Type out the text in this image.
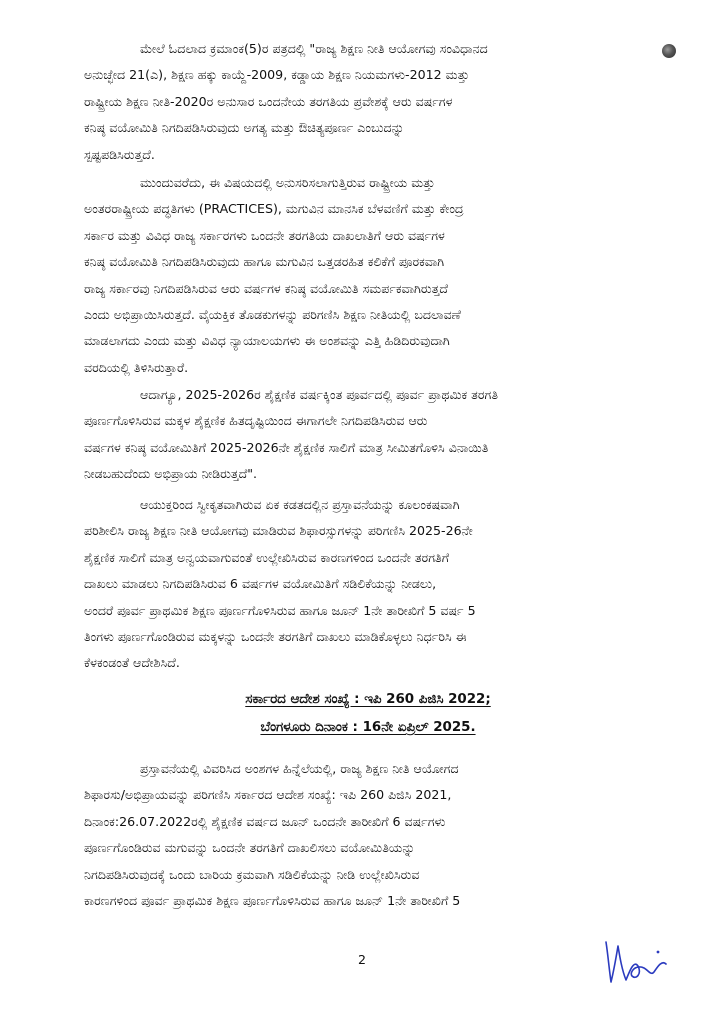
ಮೇಲೆ ಓದಲಾದ ಕ್ರಮಾಂಕ(5)ರ ಪತ್ರದಲ್ಲಿ "ರಾಜ್ಯ ಶಿಕ್ಷಣ ನೀತಿ ಆಯೋಗವು ಸಂವಿಧಾನದ
ಅನುಚ್ಛೇದ 21(ಎ), ಶಿಕ್ಷಣ ಹಕ್ಕು ಕಾಯ್ದೆ-2009, ಕಡ್ಡಾಯ ಶಿಕ್ಷಣ ನಿಯಮಗಳು-2012 ಮತ್ತು
ರಾಷ್ಟ್ರೀಯ ಶಿಕ್ಷಣ ನೀತಿ-2020ರ ಅನುಸಾರ ಒಂದನೇಯ ತರಗತಿಯ ಪ್ರವೇಶಕ್ಕೆ ಆರು ವರ್ಷಗಳ
ಕನಿಷ್ಠ ವಯೋಮಿತಿ ನಿಗದಿಪಡಿಸಿರುವುದು ಅಗತ್ಯ ಮತ್ತು ಔಚಿತ್ಯಪೂರ್ಣ ಎಂಬುದನ್ನು
ಸ್ಪಷ್ಟಪಡಿಸಿರುತ್ತದೆ.
ಮುಂದುವರೆದು, ಈ ವಿಷಯದಲ್ಲಿ ಅನುಸರಿಸಲಾಗುತ್ತಿರುವ ರಾಷ್ಟ್ರೀಯ ಮತ್ತು
ಅಂತರರಾಷ್ಟ್ರೀಯ ಪದ್ಧತಿಗಳು (PRACTICES), ಮಗುವಿನ ಮಾನಸಿಕ ಬೆಳವಣಿಗೆ ಮತ್ತು ಕೇಂದ್ರ
ಸರ್ಕಾರ ಮತ್ತು ವಿವಿಧ ರಾಜ್ಯ ಸರ್ಕಾರಗಳು ಒಂದನೇ ತರಗತಿಯ ದಾಖಲಾತಿಗೆ ಆರು ವರ್ಷಗಳ
ಕನಿಷ್ಠ ವಯೋಮಿತಿ ನಿಗದಿಪಡಿಸಿರುವುದು ಹಾಗೂ ಮಗುವಿನ ಒತ್ತಡರಹಿತ ಕಲಿಕೆಗೆ ಪೂರಕವಾಗಿ
ರಾಜ್ಯ ಸರ್ಕಾರವು ನಿಗದಿಪಡಿಸಿರುವ ಆರು ವರ್ಷಗಳ ಕನಿಷ್ಠ ವಯೋಮಿತಿ ಸಮರ್ಪಕವಾಗಿರುತ್ತದೆ
ಎಂದು ಅಭಿಪ್ರಾಯಿಸಿರುತ್ತದೆ. ವೈಯಕ್ತಿಕ ತೊಡಕುಗಳನ್ನು ಪರಿಗಣಿಸಿ ಶಿಕ್ಷಣ ನೀತಿಯಲ್ಲಿ ಬದಲಾವಣೆ
ಮಾಡಲಾಗದು ಎಂದು ಮತ್ತು ವಿವಿಧ ನ್ಯಾಯಾಲಯಗಳು ಈ ಅಂಶವನ್ನು ಎತ್ತಿ ಹಿಡಿದಿರುವುದಾಗಿ
ವರದಿಯಲ್ಲಿ ತಿಳಿಸಿರುತ್ತಾರೆ.
ಆದಾಗ್ಯೂ, 2025-2026ರ ಶೈಕ್ಷಣಿಕ ವರ್ಷಕ್ಕಿಂತ ಪೂರ್ವದಲ್ಲಿ ಪೂರ್ವ ಪ್ರಾಥಮಿಕ ತರಗತಿ
ಪೂರ್ಣಗೊಳಿಸಿರುವ ಮಕ್ಕಳ ಶೈಕ್ಷಣಿಕ ಹಿತದೃಷ್ಟಿಯಿಂದ ಈಗಾಗಲೇ ನಿಗದಿಪಡಿಸಿರುವ ಆರು
ವರ್ಷಗಳ ಕನಿಷ್ಠ ವಯೋಮಿತಿಗೆ 2025-2026ನೇ ಶೈಕ್ಷಣಿಕ ಸಾಲಿಗೆ ಮಾತ್ರ ಸೀಮಿತಗೊಳಿಸಿ ವಿನಾಯಿತಿ
ನೀಡಬಹುದೆಂದು ಅಭಿಪ್ರಾಯ ನೀಡಿರುತ್ತದೆ".
ಆಯುಕ್ತರಿಂದ ಸ್ವೀಕೃತವಾಗಿರುವ ಏಕ ಕಡತದಲ್ಲಿನ ಪ್ರಸ್ತಾವನೆಯನ್ನು ಕೂಲಂಕಷವಾಗಿ
ಪರಿಶೀಲಿಸಿ ರಾಜ್ಯ ಶಿಕ್ಷಣ ನೀತಿ ಆಯೋಗವು ಮಾಡಿರುವ ಶಿಫಾರಸ್ಸುಗಳನ್ನು ಪರಿಗಣಿಸಿ 2025-26ನೇ
ಶೈಕ್ಷಣಿಕ ಸಾಲಿಗೆ ಮಾತ್ರ ಅನ್ವಯವಾಗುವಂತೆ ಉಲ್ಲೇಖಿಸಿರುವ ಕಾರಣಗಳಿಂದ ಒಂದನೇ ತರಗತಿಗೆ
ದಾಖಲು ಮಾಡಲು ನಿಗದಿಪಡಿಸಿರುವ 6 ವರ್ಷಗಳ ವಯೋಮಿತಿಗೆ ಸಡಿಲಿಕೆಯನ್ನು ನೀಡಲು,
ಅಂದರೆ ಪೂರ್ವ ಪ್ರಾಥಮಿಕ ಶಿಕ್ಷಣ ಪೂರ್ಣಗೊಳಿಸಿರುವ ಹಾಗೂ ಜೂನ್ 1ನೇ ತಾರೀಖಿಗೆ 5 ವರ್ಷ 5
ತಿಂಗಳು ಪೂರ್ಣಗೊಂಡಿರುವ ಮಕ್ಕಳನ್ನು ಒಂದನೇ ತರಗತಿಗೆ ದಾಖಲು ಮಾಡಿಕೊಳ್ಳಲು ನಿರ್ಧರಿಸಿ ಈ
ಕೆಳಕಂಡಂತೆ ಆದೇಶಿಸಿದೆ.
ಸರ್ಕಾರದ ಆದೇಶ ಸಂಖ್ಯೆ : ಇಪಿ 260 ಪಿಜಿಸಿ 2022;
ಬೆಂಗಳೂರು ದಿನಾಂಕ : 16ನೇ ಏಪ್ರಿಲ್ 2025.
ಪ್ರಸ್ತಾವನೆಯಲ್ಲಿ ವಿವರಿಸಿದ ಅಂಶಗಳ ಹಿನ್ನೆಲೆಯಲ್ಲಿ, ರಾಜ್ಯ ಶಿಕ್ಷಣ ನೀತಿ ಆಯೋಗದ
ಶಿಫಾರಸು/ಅಭಿಪ್ರಾಯವನ್ನು ಪರಿಗಣಿಸಿ ಸರ್ಕಾರದ ಆದೇಶ ಸಂಖ್ಯೆ: ಇಪಿ 260 ಪಿಜಿಸಿ 2021,
ದಿನಾಂಕ:26.07.2022ರಲ್ಲಿ ಶೈಕ್ಷಣಿಕ ವರ್ಷದ ಜೂನ್ ಒಂದನೇ ತಾರೀಖಿಗೆ 6 ವರ್ಷಗಳು
ಪೂರ್ಣಗೊಂಡಿರುವ ಮಗುವನ್ನು ಒಂದನೇ ತರಗತಿಗೆ ದಾಖಲಿಸಲು ವಯೋಮಿತಿಯನ್ನು
ನಿಗದಿಪಡಿಸಿರುವುದಕ್ಕೆ ಒಂದು ಬಾರಿಯ ಕ್ರಮವಾಗಿ ಸಡಿಲಿಕೆಯನ್ನು ನೀಡಿ ಉಲ್ಲೇಖಿಸಿರುವ
ಕಾರಣಗಳಿಂದ ಪೂರ್ವ ಪ್ರಾಥಮಿಕ ಶಿಕ್ಷಣ ಪೂರ್ಣಗೊಳಿಸಿರುವ ಹಾಗೂ ಜೂನ್ 1ನೇ ತಾರೀಖಿಗೆ 5
2
